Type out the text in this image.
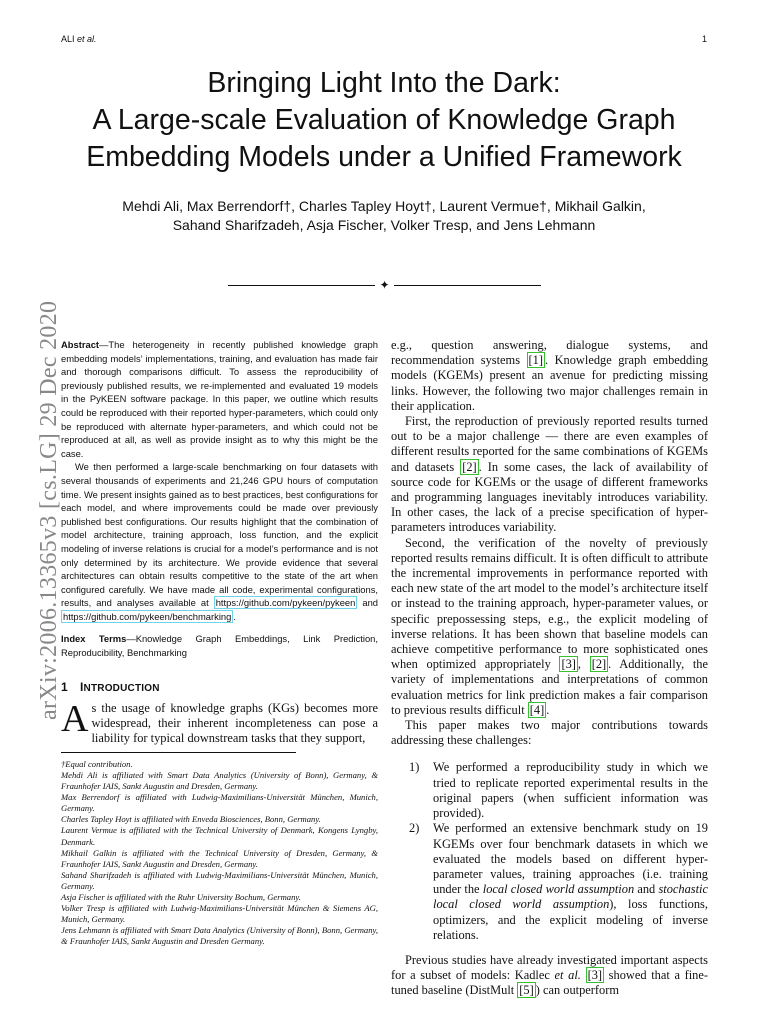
ALI et al.	1
arXiv:2006.13365v3 [cs.LG] 29 Dec 2020
Bringing Light Into the Dark:
A Large-scale Evaluation of Knowledge Graph
Embedding Models under a Unified Framework
Mehdi Ali, Max Berrendorf†, Charles Tapley Hoyt†, Laurent Vermue†, Mikhail Galkin,
Sahand Sharifzadeh, Asja Fischer, Volker Tresp, and Jens Lehmann
✦

Abstract—The heterogeneity in recently published knowledge graph embedding models’ implementations, training, and evaluation has made fair and thorough comparisons difficult. To assess the reproducibility of previously published results, we re-implemented and evaluated 19 models in the PyKEEN software package. In this paper, we outline which results could be reproduced with their reported hyper-parameters, which could only be reproduced with alternate hyper-parameters, and which could not be reproduced at all, as well as provide insight as to why this might be the case.

We then performed a large-scale benchmarking on four datasets with several thousands of experiments and 21,246 GPU hours of computation time. We present insights gained as to best practices, best configurations for each model, and where improvements could be made over previously published best configurations. Our results highlight that the combination of model architecture, training approach, loss function, and the explicit modeling of inverse relations is crucial for a model’s performance and is not only determined by its architecture. We provide evidence that several architectures can obtain results competitive to the state of the art when configured carefully. We have made all code, experimental configurations, results, and analyses available at https://github.com/pykeen/pykeen and https://github.com/pykeen/benchmarking .

Index Terms—Knowledge Graph Embeddings, Link Prediction, Reproducibility, Benchmarking

1 INTRODUCTION
As the usage of knowledge graphs (KGs) becomes more widespread, their inherent incompleteness can pose a liability for typical downstream tasks that they support,
†Equal contribution.
Mehdi Ali is affiliated with Smart Data Analytics (University of Bonn), Germany, & Fraunhofer IAIS, Sankt Augustin and Dresden, Germany.
Max Berrendorf is affiliated with Ludwig-Maximilians-Universität München, Munich, Germany.
Charles Tapley Hoyt is affiliated with Enveda Biosciences, Bonn, Germany.
Laurent Vermue is affiliated with the Technical University of Denmark, Kongens Lyngby, Denmark.
Mikhail Galkin is affiliated with the Technical University of Dresden, Germany, & Fraunhofer IAIS, Sankt Augustin and Dresden, Germany.
Sahand Sharifzadeh is affiliated with Ludwig-Maximilians-Universität München, Munich, Germany.
Asja Fischer is affiliated with the Ruhr University Bochum, Germany.
Volker Tresp is affiliated with Ludwig-Maximilians-Universität München & Siemens AG, Munich, Germany.
Jens Lehmann is affiliated with Smart Data Analytics (University of Bonn), Bonn, Germany, & Fraunhofer IAIS, Sankt Augustin and Dresden Germany.

e.g., question answering, dialogue systems, and recommendation systems [1] . Knowledge graph embedding models (KGEMs) present an avenue for predicting missing links. However, the following two major challenges remain in their application.

First, the reproduction of previously reported results turned out to be a major challenge — there are even examples of different results reported for the same combinations of KGEMs and datasets [2] . In some cases, the lack of availability of source code for KGEMs or the usage of different frameworks and programming languages inevitably introduces variability. In other cases, the lack of a precise specification of hyper-parameters introduces variability.

Second, the verification of the novelty of previously reported results remains difficult. It is often difficult to attribute the incremental improvements in performance reported with each new state of the art model to the model’s architecture itself or instead to the training approach, hyper-parameter values, or specific prepossessing steps, e.g., the explicit modeling of inverse relations. It has been shown that baseline models can achieve competitive performance to more sophisticated ones when optimized appropriately [3] , [2] . Additionally, the variety of implementations and interpretations of common evaluation metrics for link prediction makes a fair comparison to previous results difficult [4] .

This paper makes two major contributions towards addressing these challenges:

1) We performed a reproducibility study in which we tried to replicate reported experimental results in the original papers (when sufficient information was provided).
2) We performed an extensive benchmark study on 19 KGEMs over four benchmark datasets in which we evaluated the models based on different hyper-parameter values, training approaches (i.e. training under the local closed world assumption and stochastic local closed world assumption), loss functions, optimizers, and the explicit modeling of inverse relations.

Previous studies have already investigated important aspects for a subset of models: Kadlec et al. [3] showed that a fine-tuned baseline (DistMult [5] ) can outperform
